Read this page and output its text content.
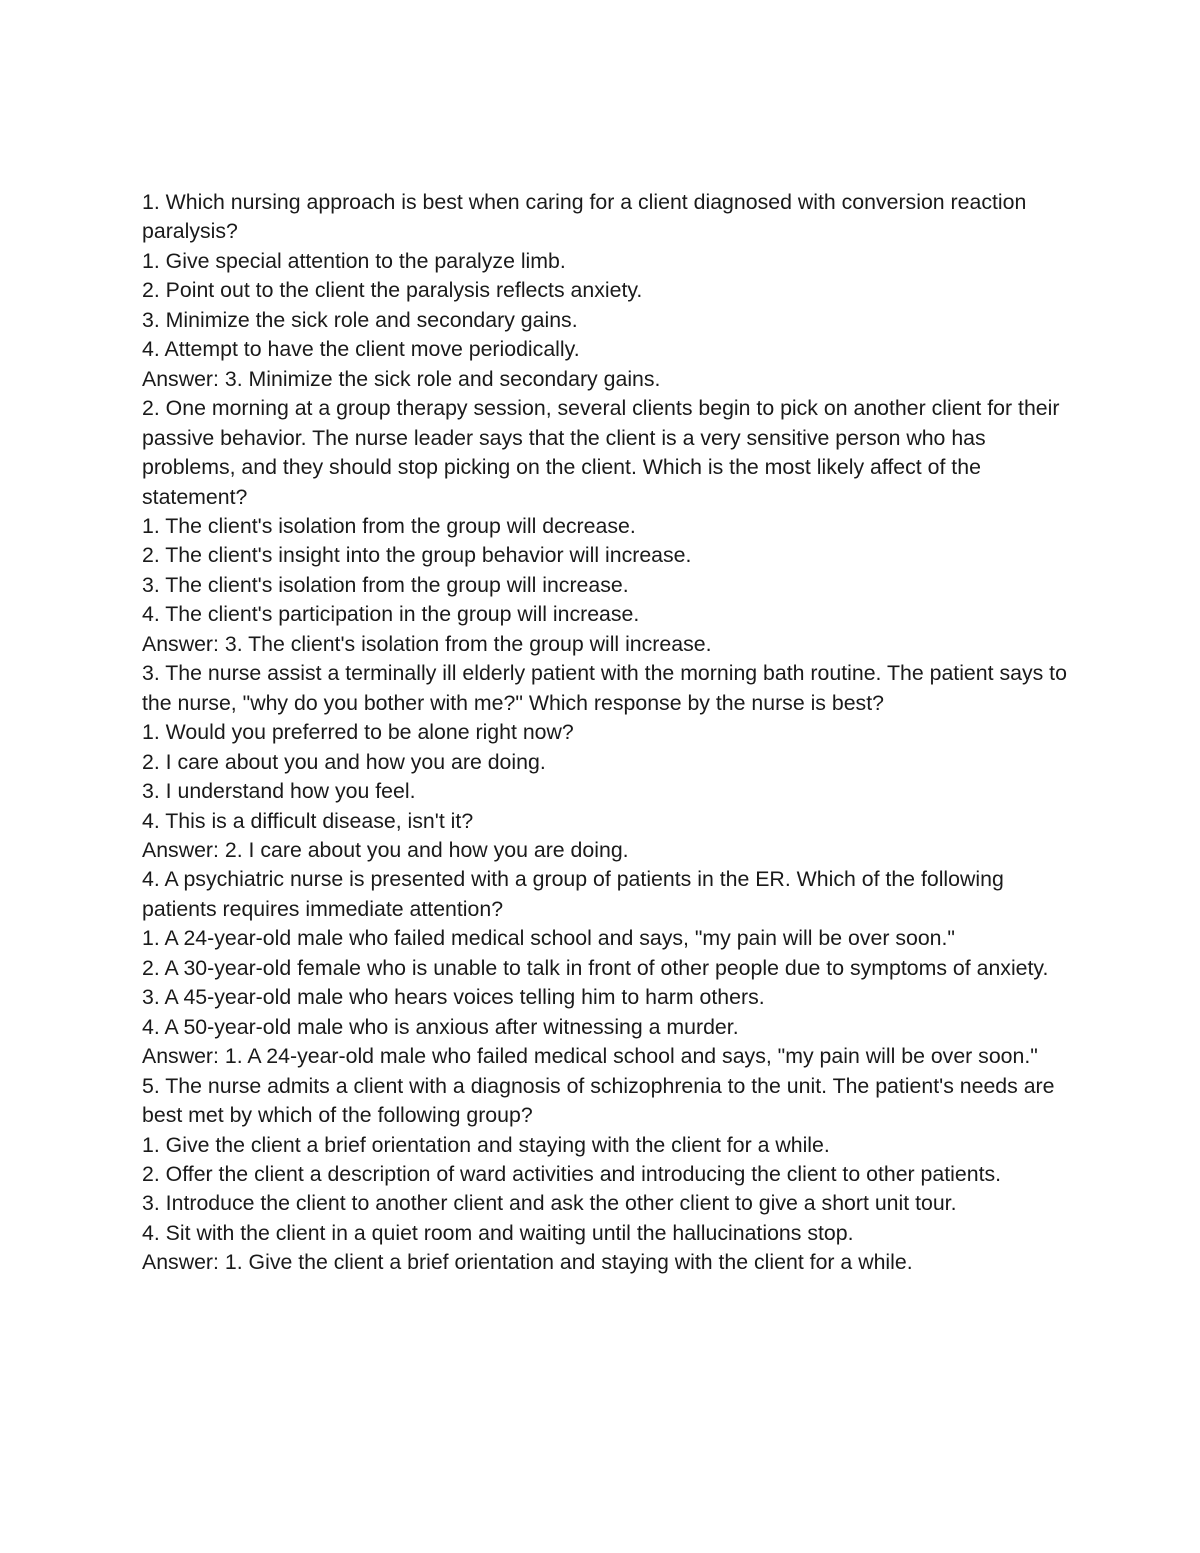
1. Which nursing approach is best when caring for a client diagnosed with conversion reaction paralysis?

1. Give special attention to the paralyze limb.

2. Point out to the client the paralysis reflects anxiety.

3. Minimize the sick role and secondary gains.

4. Attempt to have the client move periodically.

Answer: 3. Minimize the sick role and secondary gains.

2. One morning at a group therapy session, several clients begin to pick on another client for their passive behavior. The nurse leader says that the client is a very sensitive person who has problems, and they should stop picking on the client. Which is the most likely affect of the statement?

1. The client's isolation from the group will decrease.

2. The client's insight into the group behavior will increase.

3. The client's isolation from the group will increase.

4. The client's participation in the group will increase.

Answer: 3. The client's isolation from the group will increase.

3. The nurse assist a terminally ill elderly patient with the morning bath routine. The patient says to the nurse, "why do you bother with me?" Which response by the nurse is best?

1. Would you preferred to be alone right now?

2. I care about you and how you are doing.

3. I understand how you feel.

4. This is a difficult disease, isn't it?

Answer: 2. I care about you and how you are doing.

4. A psychiatric nurse is presented with a group of patients in the ER. Which of the following patients requires immediate attention?

1. A 24-year-old male who failed medical school and says, "my pain will be over soon."

2. A 30-year-old female who is unable to talk in front of other people due to symptoms of anxiety.

3. A 45-year-old male who hears voices telling him to harm others.

4. A 50-year-old male who is anxious after witnessing a murder.

Answer: 1. A 24-year-old male who failed medical school and says, "my pain will be over soon."

5. The nurse admits a client with a diagnosis of schizophrenia to the unit. The patient's needs are best met by which of the following group?

1. Give the client a brief orientation and staying with the client for a while.

2. Offer the client a description of ward activities and introducing the client to other patients.

3. Introduce the client to another client and ask the other client to give a short unit tour.

4. Sit with the client in a quiet room and waiting until the hallucinations stop.

Answer: 1. Give the client a brief orientation and staying with the client for a while.
